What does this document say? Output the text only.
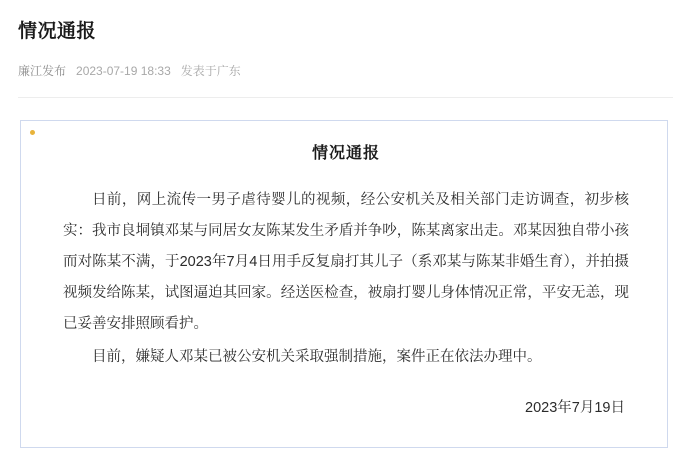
情况通报
廉江发布 2023-07-19 18:33 发表于广东
情况通报

日前，网上流传一男子虐待婴儿的视频，经公安机关及相关部门走访调查，初步核实：我市良垌镇邓某与同居女友陈某发生矛盾并争吵，陈某离家出走。邓某因独自带小孩而对陈某不满，于2023年7月4日用手反复扇打其儿子（系邓某与陈某非婚生育），并拍摄视频发给陈某，试图逼迫其回家。经送医检查，被扇打婴儿身体情况正常，平安无恙，现已妥善安排照顾看护。

目前，嫌疑人邓某已被公安机关采取强制措施，案件正在依法办理中。

2023年7月19日
